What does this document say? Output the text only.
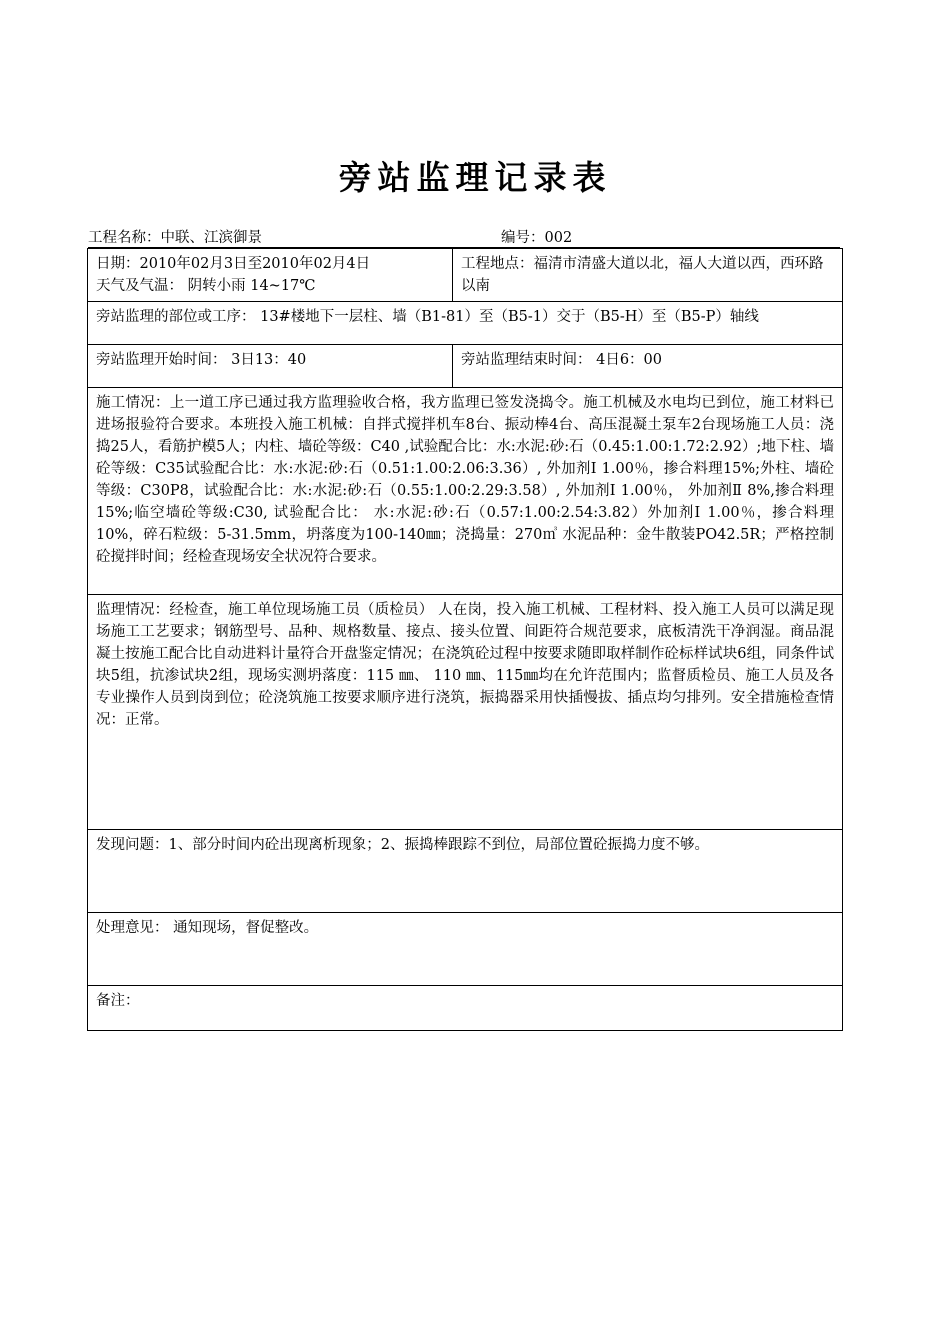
旁站监理记录表
工程名称：中联、江滨御景	编号：002
日期：2010年02月3日至2010年02月4日
天气及气温： 阴转小雨 14~17℃	工程地点：福清市清盛大道以北，福人大道以西，西环路以南
旁站监理的部位或工序： 13#楼地下一层柱、墙（B1-81）至（B5-1）交于（B5-H）至（B5-P）轴线	
旁站监理开始时间： 3日13：40	旁站监理结束时间： 4日6：00
施工情况：上一道工序已通过我方监理验收合格，我方监理已签发浇捣令。施工机械及水电均已到位，施工材料已进场报验符合要求。本班投入施工机械：自拌式搅拌机车8台、振动棒4台、高压混凝土泵车2台现场施工人员：浇捣25人，看筋护模5人；内柱、墙砼等级：C40 ,试验配合比：水:水泥:砂:石（0.45:1.00:1.72:2.92）;地下柱、墙砼等级：C35试验配合比：水:水泥:砂:石（0.51:1.00:2.06:3.36）, 外加剂Ⅰ 1.00％，掺合料理15%;外柱、墙砼等级：C30P8，试验配合比：水:水泥:砂:石（0.55:1.00:2.29:3.58）, 外加剂Ⅰ 1.00％， 外加剂Ⅱ 8%,掺合料理15%;临空墙砼等级:C30, 试验配合比： 水:水泥:砂:石（0.57:1.00:2.54:3.82）外加剂Ⅰ 1.00％，掺合料理10%，碎石粒级：5-31.5mm，坍落度为100-140㎜；浇捣量：270㎥ 水泥品种：金牛散装PO42.5R；严格控制砼搅拌时间；经检查现场安全状况符合要求。	
监理情况：经检查，施工单位现场施工员（质检员） 人在岗，投入施工机械、工程材料、投入施工人员可以满足现场施工工艺要求；钢筋型号、品种、规格数量、接点、接头位置、间距符合规范要求，底板清洗干净润湿。商品混凝土按施工配合比自动进料计量符合开盘鉴定情况；在浇筑砼过程中按要求随即取样制作砼标样试块6组，同条件试块5组，抗渗试块2组，现场实测坍落度：115 ㎜、 110 ㎜、115㎜均在允许范围内；监督质检员、施工人员及各专业操作人员到岗到位；砼浇筑施工按要求顺序进行浇筑，振捣器采用快插慢拔、插点均匀排列。安全措施检查情况：正常。	
发现问题：1、部分时间内砼出现离析现象；2、振捣棒跟踪不到位，局部位置砼振捣力度不够。	
处理意见： 通知现场，督促整改。	
备注：	
